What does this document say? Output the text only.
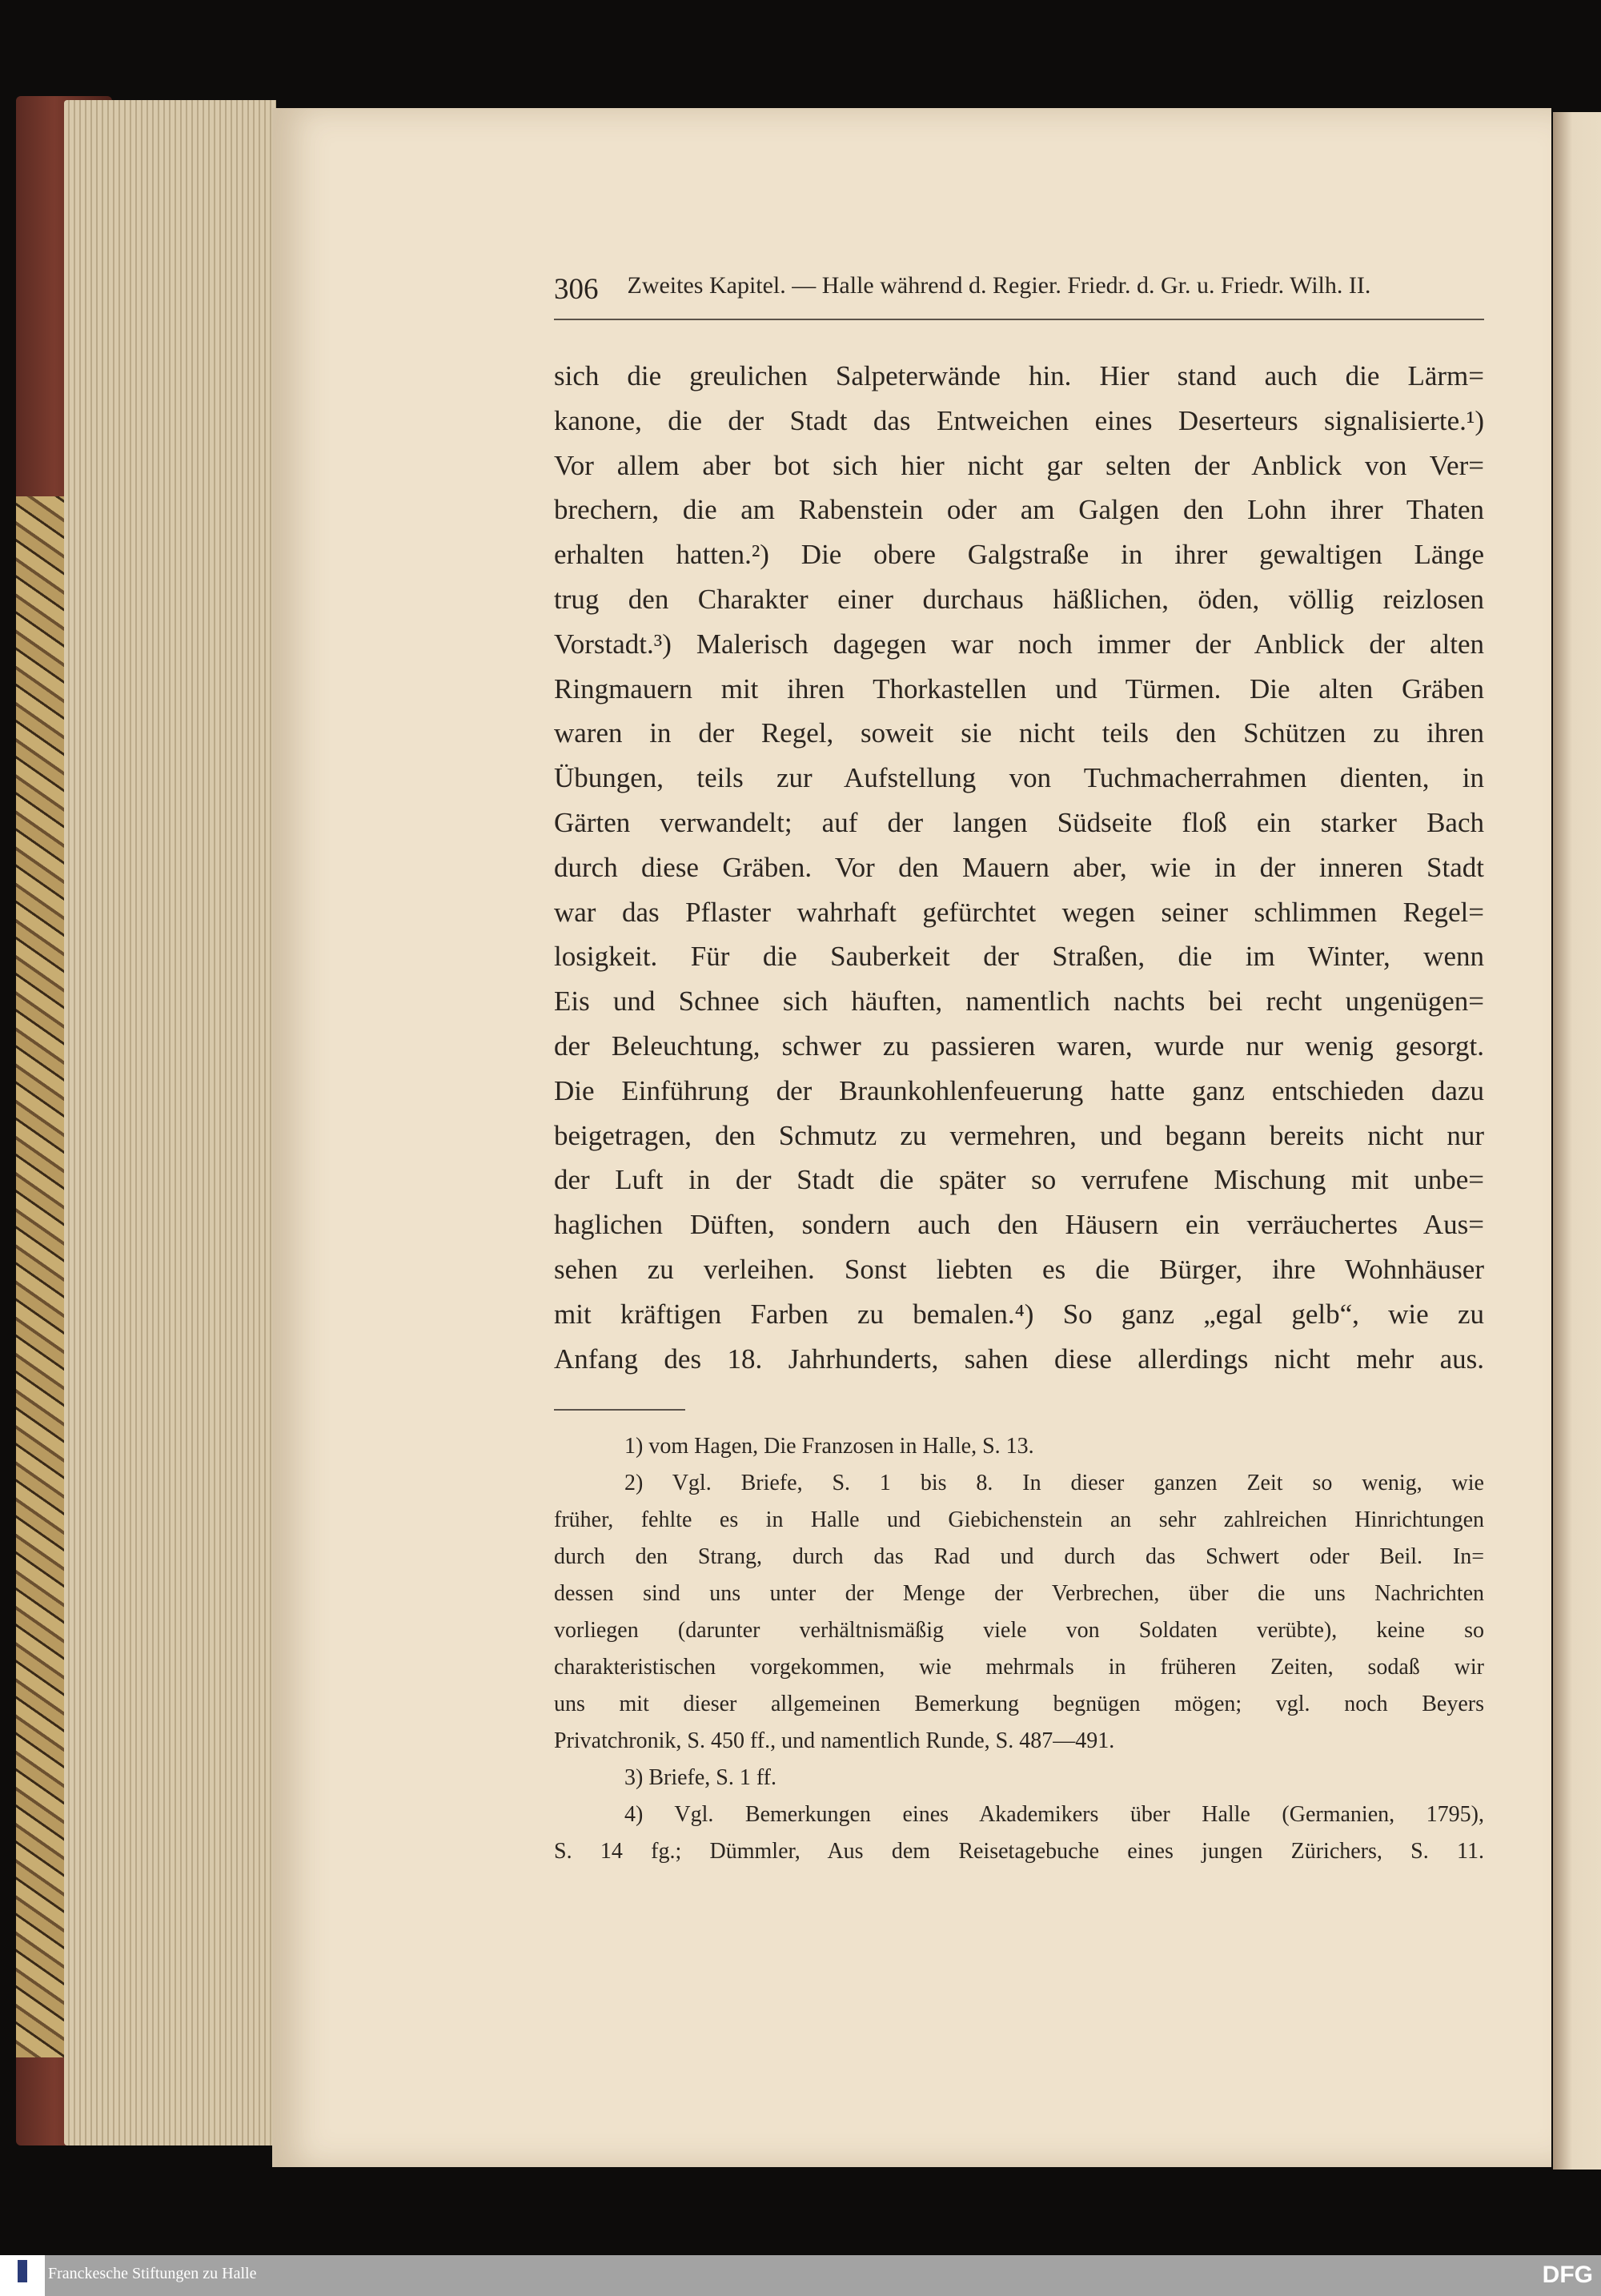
306 Zweites Kapitel. — Halle während d. Regier. Friedr. d. Gr. u. Friedr. Wilh. II.
sich die greulichen Salpeterwände hin. Hier stand auch die Lärm=
kanone, die der Stadt das Entweichen eines Deserteurs signalisierte.¹)
Vor allem aber bot sich hier nicht gar selten der Anblick von Ver=
brechern, die am Rabenstein oder am Galgen den Lohn ihrer Thaten
erhalten hatten.²) Die obere Galgstraße in ihrer gewaltigen Länge
trug den Charakter einer durchaus häßlichen, öden, völlig reizlosen
Vorstadt.³) Malerisch dagegen war noch immer der Anblick der alten
Ringmauern mit ihren Thorkastellen und Türmen. Die alten Gräben
waren in der Regel, soweit sie nicht teils den Schützen zu ihren
Übungen, teils zur Aufstellung von Tuchmacherrahmen dienten, in
Gärten verwandelt; auf der langen Südseite floß ein starker Bach
durch diese Gräben. Vor den Mauern aber, wie in der inneren Stadt
war das Pflaster wahrhaft gefürchtet wegen seiner schlimmen Regel=
losigkeit. Für die Sauberkeit der Straßen, die im Winter, wenn
Eis und Schnee sich häuften, namentlich nachts bei recht ungenügen=
der Beleuchtung, schwer zu passieren waren, wurde nur wenig gesorgt.
Die Einführung der Braunkohlenfeuerung hatte ganz entschieden dazu
beigetragen, den Schmutz zu vermehren, und begann bereits nicht nur
der Luft in der Stadt die später so verrufene Mischung mit unbe=
haglichen Düften, sondern auch den Häusern ein verräuchertes Aus=
sehen zu verleihen. Sonst liebten es die Bürger, ihre Wohnhäuser
mit kräftigen Farben zu bemalen.⁴) So ganz „egal gelb“, wie zu
Anfang des 18. Jahrhunderts, sahen diese allerdings nicht mehr aus.
1) vom Hagen, Die Franzosen in Halle, S. 13.
2) Vgl. Briefe, S. 1 bis 8. In dieser ganzen Zeit so wenig, wie
früher, fehlte es in Halle und Giebichenstein an sehr zahlreichen Hinrichtungen
durch den Strang, durch das Rad und durch das Schwert oder Beil. In=
dessen sind uns unter der Menge der Verbrechen, über die uns Nachrichten
vorliegen (darunter verhältnismäßig viele von Soldaten verübte), keine so
charakteristischen vorgekommen, wie mehrmals in früheren Zeiten, sodaß wir
uns mit dieser allgemeinen Bemerkung begnügen mögen; vgl. noch Beyers
Privatchronik, S. 450 ff., und namentlich Runde, S. 487—491.
3) Briefe, S. 1 ff.
4) Vgl. Bemerkungen eines Akademikers über Halle (Germanien, 1795),
S. 14 fg.; Dümmler, Aus dem Reisetagebuche eines jungen Zürichers, S. 11.
Franckesche Stiftungen zu Halle	DFG
